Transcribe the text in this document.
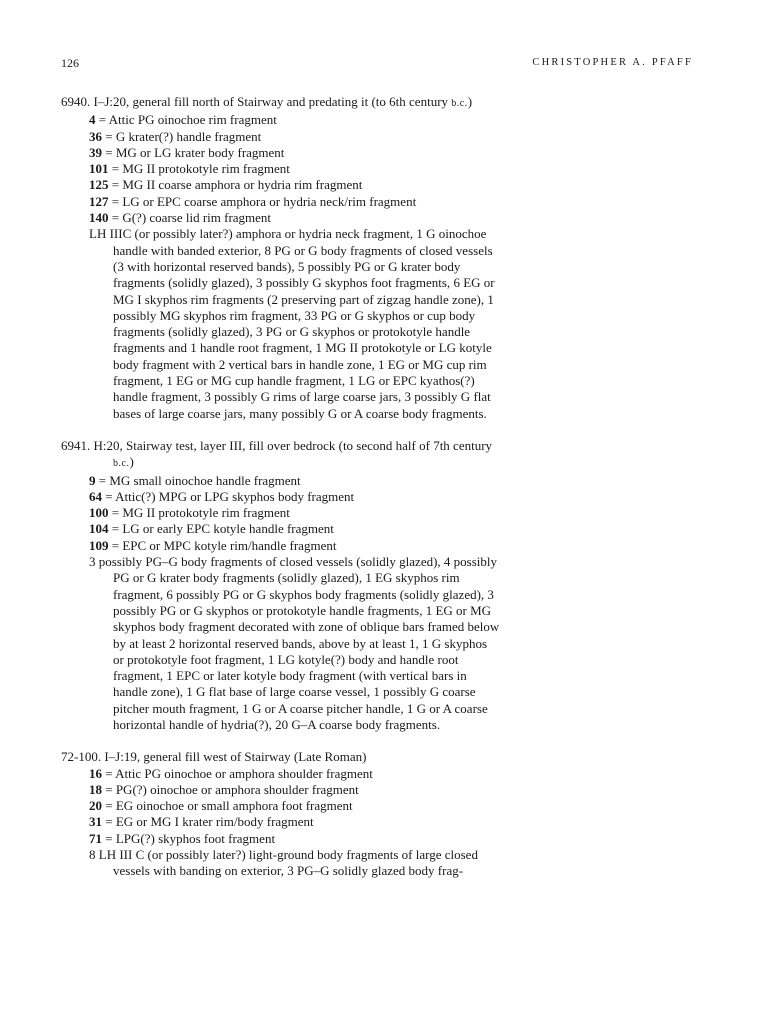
126	CHRISTOPHER A. PFAFF
6940. I–J:20, general fill north of Stairway and predating it (to 6th century b.c.)
4 = Attic PG oinochoe rim fragment
36 = G krater(?) handle fragment
39 = MG or LG krater body fragment
101 = MG II protokotyle rim fragment
125 = MG II coarse amphora or hydria rim fragment
127 = LG or EPC coarse amphora or hydria neck/rim fragment
140 = G(?) coarse lid rim fragment
LH IIIC (or possibly later?) amphora or hydria neck fragment, 1 G oinochoe handle with banded exterior, 8 PG or G body fragments of closed vessels (3 with horizontal reserved bands), 5 possibly PG or G krater body fragments (solidly glazed), 3 possibly G skyphos foot fragments, 6 EG or MG I skyphos rim fragments (2 preserving part of zigzag handle zone), 1 possibly MG skyphos rim fragment, 33 PG or G skyphos or cup body fragments (solidly glazed), 3 PG or G skyphos or protokotyle handle fragments and 1 handle root fragment, 1 MG II protokotyle or LG kotyle body fragment with 2 vertical bars in handle zone, 1 EG or MG cup rim fragment, 1 EG or MG cup handle fragment, 1 LG or EPC kyathos(?) handle fragment, 3 possibly G rims of large coarse jars, 3 possibly G flat bases of large coarse jars, many possibly G or A coarse body fragments.
6941. H:20, Stairway test, layer III, fill over bedrock (to second half of 7th century b.c.)
9 = MG small oinochoe handle fragment
64 = Attic(?) MPG or LPG skyphos body fragment
100 = MG II protokotyle rim fragment
104 = LG or early EPC kotyle handle fragment
109 = EPC or MPC kotyle rim/handle fragment
3 possibly PG–G body fragments of closed vessels (solidly glazed), 4 possibly PG or G krater body fragments (solidly glazed), 1 EG skyphos rim fragment, 6 possibly PG or G skyphos body fragments (solidly glazed), 3 possibly PG or G skyphos or protokotyle handle fragments, 1 EG or MG skyphos body fragment decorated with zone of oblique bars framed below by at least 2 horizontal reserved bands, above by at least 1, 1 G skyphos or protokotyle foot fragment, 1 LG kotyle(?) body and handle root fragment, 1 EPC or later kotyle body fragment (with vertical bars in handle zone), 1 G flat base of large coarse vessel, 1 possibly G coarse pitcher mouth fragment, 1 G or A coarse pitcher handle, 1 G or A coarse horizontal handle of hydria(?), 20 G–A coarse body fragments.
72-100. I–J:19, general fill west of Stairway (Late Roman)
16 = Attic PG oinochoe or amphora shoulder fragment
18 = PG(?) oinochoe or amphora shoulder fragment
20 = EG oinochoe or small amphora foot fragment
31 = EG or MG I krater rim/body fragment
71 = LPG(?) skyphos foot fragment
8 LH III C (or possibly later?) light-ground body fragments of large closed vessels with banding on exterior, 3 PG–G solidly glazed body frag-
